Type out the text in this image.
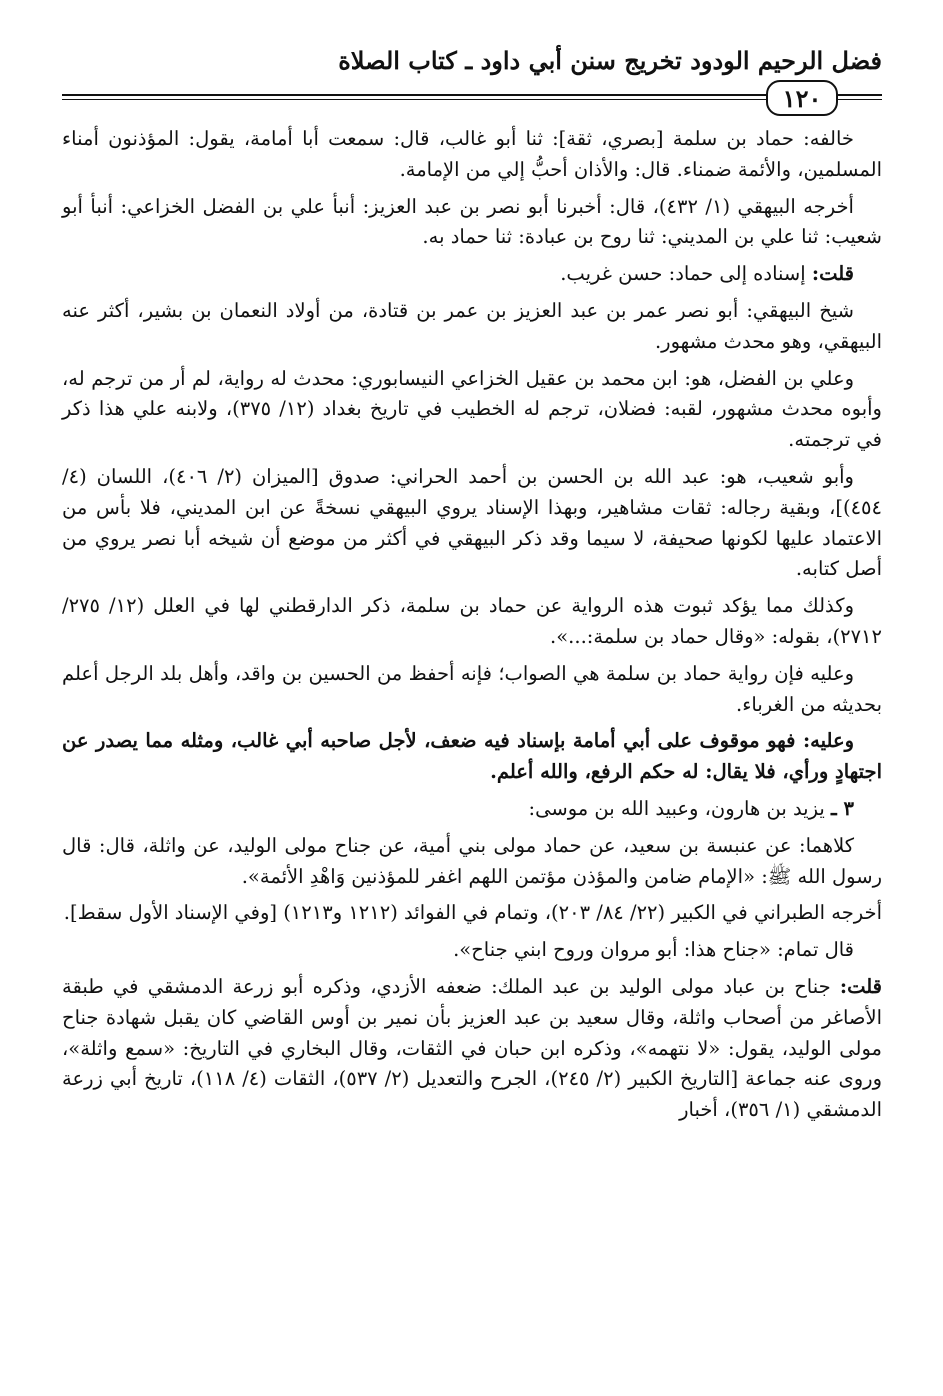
فضل الرحيم الودود تخريج سنن أبي داود ـ كتاب الصلاة
١٢٠

خالفه: حماد بن سلمة [بصري، ثقة]: ثنا أبو غالب، قال: سمعت أبا أمامة، يقول: المؤذنون أمناء المسلمين، والأئمة ضمناء. قال: والأذان أحبُّ إلي من الإمامة.

أخرجه البيهقي (١/ ٤٣٢)، قال: أخبرنا أبو نصر بن عبد العزيز: أنبأ علي بن الفضل الخزاعي: أنبأ أبو شعيب: ثنا علي بن المديني: ثنا روح بن عبادة: ثنا حماد به.

قلت: إسناده إلى حماد: حسن غريب.

شيخ البيهقي: أبو نصر عمر بن عبد العزيز بن عمر بن قتادة، من أولاد النعمان بن بشير، أكثر عنه البيهقي، وهو محدث مشهور.

وعلي بن الفضل، هو: ابن محمد بن عقيل الخزاعي النيسابوري: محدث له رواية، لم أر من ترجم له، وأبوه محدث مشهور، لقبه: فضلان، ترجم له الخطيب في تاريخ بغداد (١٢/ ٣٧٥)، ولابنه علي هذا ذكر في ترجمته.

وأبو شعيب، هو: عبد الله بن الحسن بن أحمد الحراني: صدوق [الميزان (٢/ ٤٠٦)، اللسان (٤/ ٤٥٤)]، وبقية رجاله: ثقات مشاهير، وبهذا الإسناد يروي البيهقي نسخةً عن ابن المديني، فلا بأس من الاعتماد عليها لكونها صحيفة، لا سيما وقد ذكر البيهقي في أكثر من موضع أن شيخه أبا نصر يروي من أصل كتابه.

وكذلك مما يؤكد ثبوت هذه الرواية عن حماد بن سلمة، ذكر الدارقطني لها في العلل (١٢/ ٢٧٥/ ٢٧١٢)، بقوله: «وقال حماد بن سلمة:...».

وعليه فإن رواية حماد بن سلمة هي الصواب؛ فإنه أحفظ من الحسين بن واقد، وأهل بلد الرجل أعلم بحديثه من الغرباء.

وعليه: فهو موقوف على أبي أمامة بإسناد فيه ضعف، لأجل صاحبه أبي غالب، ومثله مما يصدر عن اجتهادٍ ورأي، فلا يقال: له حكم الرفع، والله أعلم.

٣ ـ يزيد بن هارون، وعبيد الله بن موسى:

كلاهما: عن عنبسة بن سعيد، عن حماد مولى بني أمية، عن جناح مولى الوليد، عن واثلة، قال: قال رسول الله ﷺ: «الإمام ضامن والمؤذن مؤتمن اللهم اغفر للمؤذنين وَاهْدِ الأئمة».

أخرجه الطبراني في الكبير (٢٢/ ٨٤/ ٢٠٣)، وتمام في الفوائد (١٢١٢ و١٢١٣) [وفي الإسناد الأول سقط].

قال تمام: «جناح هذا: أبو مروان وروح ابني جناح».

قلت: جناح بن عباد مولى الوليد بن عبد الملك: ضعفه الأزدي، وذكره أبو زرعة الدمشقي في طبقة الأصاغر من أصحاب واثلة، وقال سعيد بن عبد العزيز بأن نمير بن أوس القاضي كان يقبل شهادة جناح مولى الوليد، يقول: «لا نتهمه»، وذكره ابن حبان في الثقات، وقال البخاري في التاريخ: «سمع واثلة»، وروى عنه جماعة [التاريخ الكبير (٢/ ٢٤٥)، الجرح والتعديل (٢/ ٥٣٧)، الثقات (٤/ ١١٨)، تاريخ أبي زرعة الدمشقي (١/ ٣٥٦)، أخبار
